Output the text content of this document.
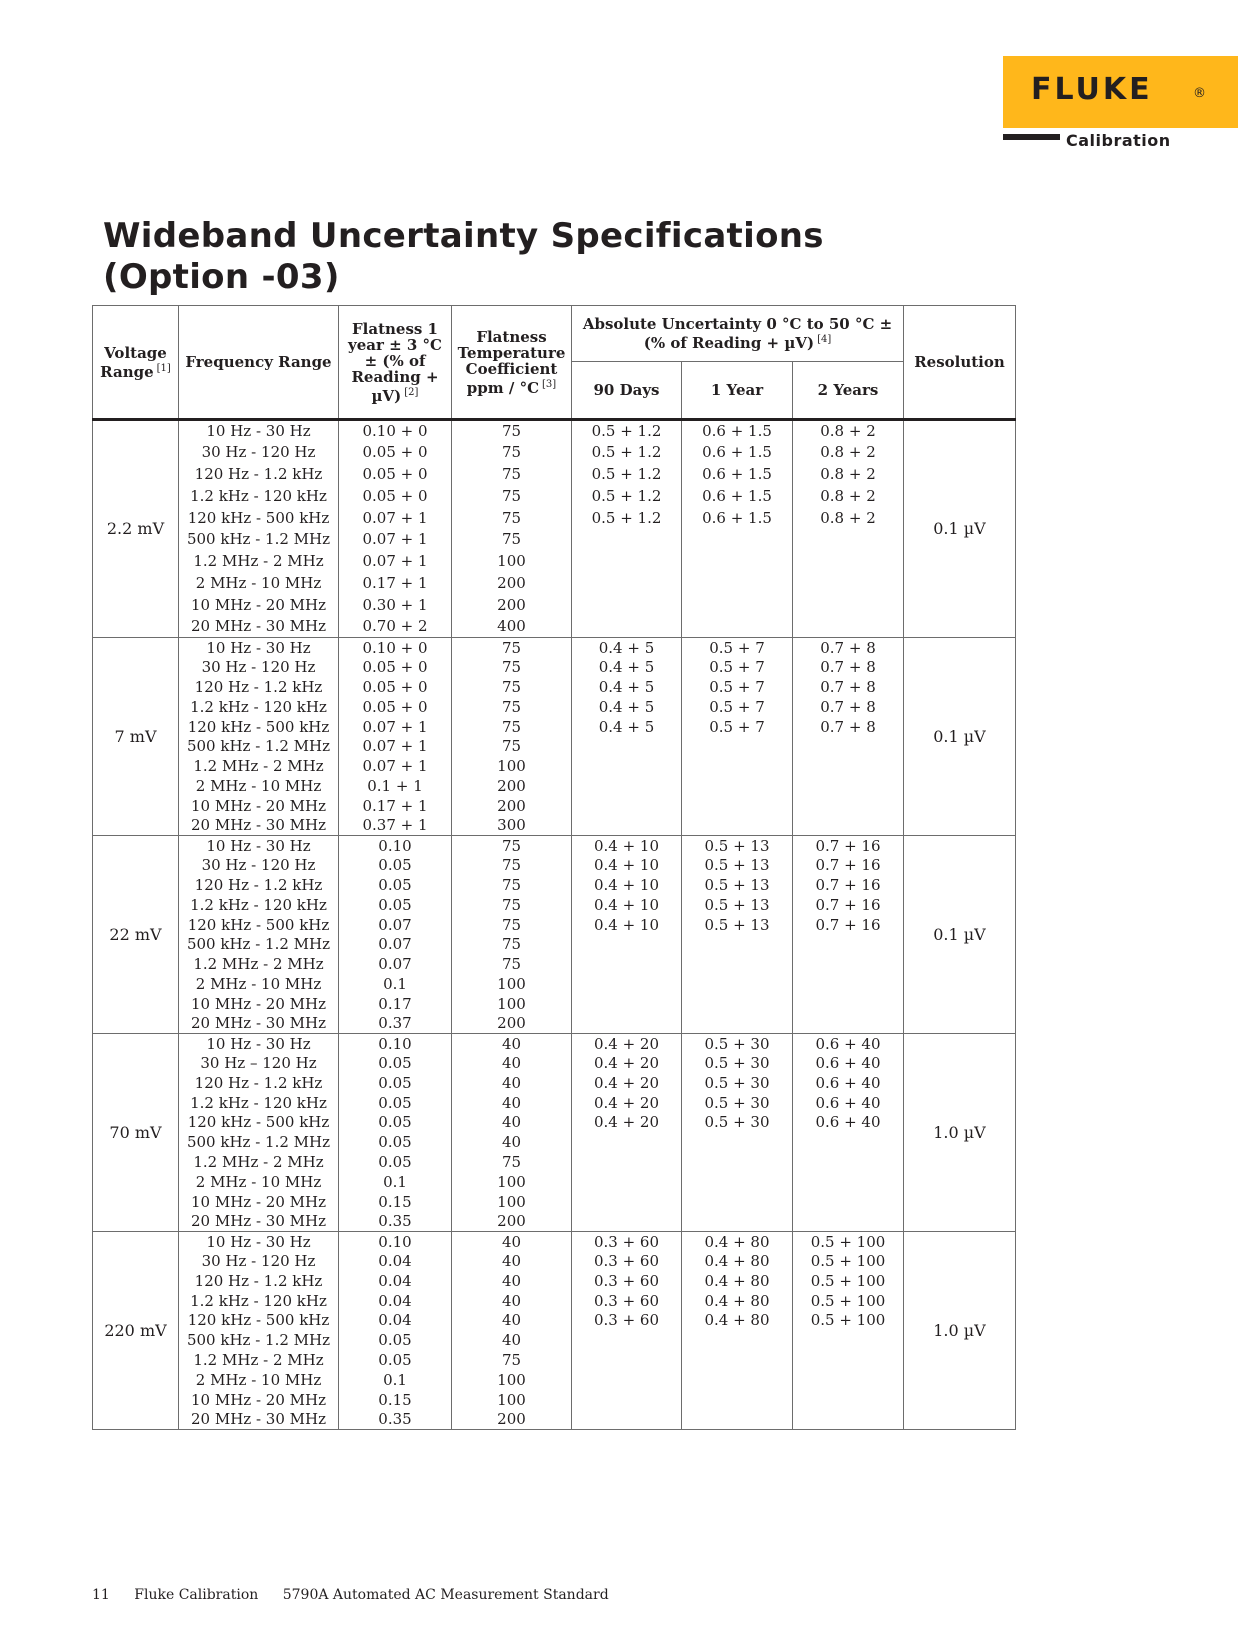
FLUKE	®
Calibration
Wideband Uncertainty Specifications
(Option -03)
Voltage Range [1]	Frequency Range	Flatness 1 year ± 3 °C ± (% of Reading + µV) [2]	Flatness Temperature Coefficient ppm / °C [3]	Absolute Uncertainty 0 °C to 50 °C ± (% of Reading + µV) [4]			Resolution
				90 Days	1 Year	2 Years	
2.2 mV	10 Hz - 30 Hz	0.10 + 0	75	0.5 + 1.2	0.6 + 1.5	0.8 + 2	0.1 µV
	30 Hz - 120 Hz	0.05 + 0	75	0.5 + 1.2	0.6 + 1.5	0.8 + 2	
	120 Hz - 1.2 kHz	0.05 + 0	75	0.5 + 1.2	0.6 + 1.5	0.8 + 2	
	1.2 kHz - 120 kHz	0.05 + 0	75	0.5 + 1.2	0.6 + 1.5	0.8 + 2	
	120 kHz - 500 kHz	0.07 + 1	75	0.5 + 1.2	0.6 + 1.5	0.8 + 2	
	500 kHz - 1.2 MHz	0.07 + 1	75				
	1.2 MHz - 2 MHz	0.07 + 1	100				
	2 MHz - 10 MHz	0.17 + 1	200				
	10 MHz - 20 MHz	0.30 + 1	200				
	20 MHz - 30 MHz	0.70 + 2	400				
7 mV	10 Hz - 30 Hz	0.10 + 0	75	0.4 + 5	0.5 + 7	0.7 + 8	0.1 µV
	30 Hz - 120 Hz	0.05 + 0	75	0.4 + 5	0.5 + 7	0.7 + 8	
	120 Hz - 1.2 kHz	0.05 + 0	75	0.4 + 5	0.5 + 7	0.7 + 8	
	1.2 kHz - 120 kHz	0.05 + 0	75	0.4 + 5	0.5 + 7	0.7 + 8	
	120 kHz - 500 kHz	0.07 + 1	75	0.4 + 5	0.5 + 7	0.7 + 8	
	500 kHz - 1.2 MHz	0.07 + 1	75				
	1.2 MHz - 2 MHz	0.07 + 1	100				
	2 MHz - 10 MHz	0.1 + 1	200				
	10 MHz - 20 MHz	0.17 + 1	200				
	20 MHz - 30 MHz	0.37 + 1	300				
22 mV	10 Hz - 30 Hz	0.10	75	0.4 + 10	0.5 + 13	0.7 + 16	0.1 µV
	30 Hz - 120 Hz	0.05	75	0.4 + 10	0.5 + 13	0.7 + 16	
	120 Hz - 1.2 kHz	0.05	75	0.4 + 10	0.5 + 13	0.7 + 16	
	1.2 kHz - 120 kHz	0.05	75	0.4 + 10	0.5 + 13	0.7 + 16	
	120 kHz - 500 kHz	0.07	75	0.4 + 10	0.5 + 13	0.7 + 16	
	500 kHz - 1.2 MHz	0.07	75				
	1.2 MHz - 2 MHz	0.07	75				
	2 MHz - 10 MHz	0.1	100				
	10 MHz - 20 MHz	0.17	100				
	20 MHz - 30 MHz	0.37	200				
70 mV	10 Hz - 30 Hz	0.10	40	0.4 + 20	0.5 + 30	0.6 + 40	1.0 µV
	30 Hz – 120 Hz	0.05	40	0.4 + 20	0.5 + 30	0.6 + 40	
	120 Hz - 1.2 kHz	0.05	40	0.4 + 20	0.5 + 30	0.6 + 40	
	1.2 kHz - 120 kHz	0.05	40	0.4 + 20	0.5 + 30	0.6 + 40	
	120 kHz - 500 kHz	0.05	40	0.4 + 20	0.5 + 30	0.6 + 40	
	500 kHz - 1.2 MHz	0.05	40				
	1.2 MHz - 2 MHz	0.05	75				
	2 MHz - 10 MHz	0.1	100				
	10 MHz - 20 MHz	0.15	100				
	20 MHz - 30 MHz	0.35	200				
220 mV	10 Hz - 30 Hz	0.10	40	0.3 + 60	0.4 + 80	0.5 + 100	1.0 µV
	30 Hz - 120 Hz	0.04	40	0.3 + 60	0.4 + 80	0.5 + 100	
	120 Hz - 1.2 kHz	0.04	40	0.3 + 60	0.4 + 80	0.5 + 100	
	1.2 kHz - 120 kHz	0.04	40	0.3 + 60	0.4 + 80	0.5 + 100	
	120 kHz - 500 kHz	0.04	40	0.3 + 60	0.4 + 80	0.5 + 100	
	500 kHz - 1.2 MHz	0.05	40				
	1.2 MHz - 2 MHz	0.05	75				
	2 MHz - 10 MHz	0.1	100				
	10 MHz - 20 MHz	0.15	100				
	20 MHz - 30 MHz	0.35	200				
11 Fluke Calibration 5790A Automated AC Measurement Standard
